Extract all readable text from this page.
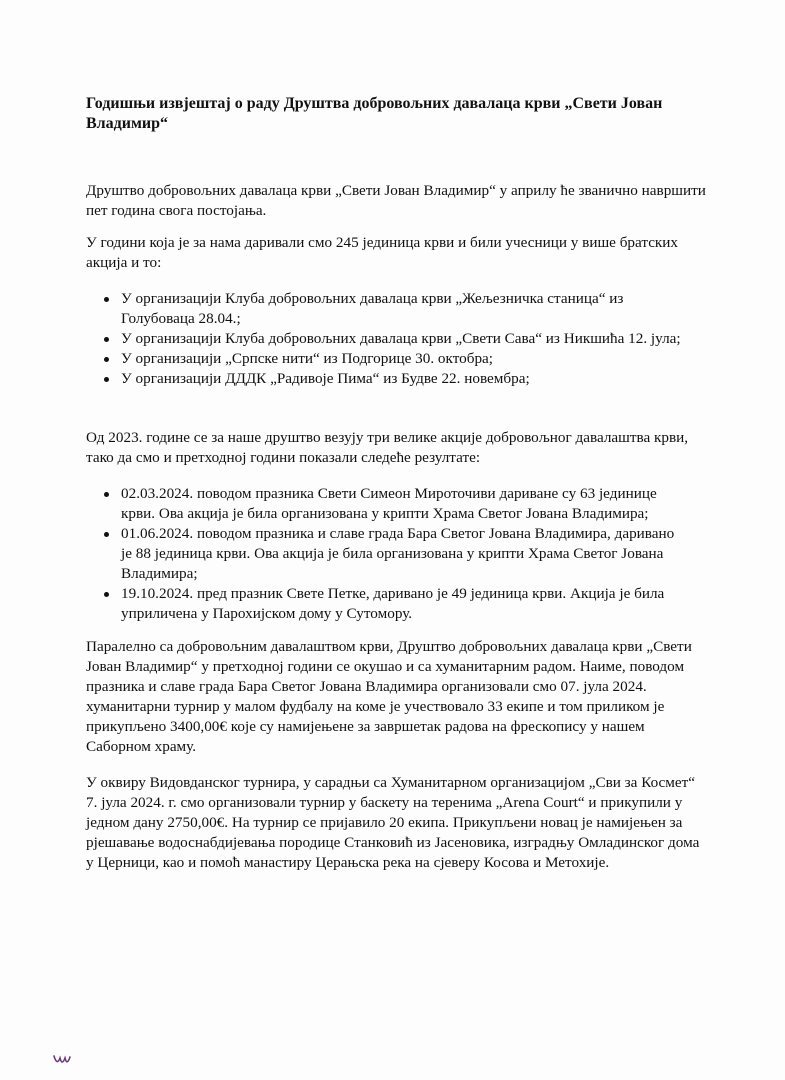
Годишњи извјештај о раду Друштва добровољних давалаца крви „Свети Јован Владимир“
Друштво добровољних давалаца крви „Свети Јован Владимир“ у априлу ће званично навршити пет година свога постојања.
У години која је за нама даривали смо 245 јединица крви и били учесници у више братских акција и то:
У организацији Клуба добровољних давалаца крви „Жељезничка станица“ из Голубоваца 28.04.;
У организацији Клуба добровољних давалаца крви „Свети Сава“ из Никшића 12. јула;
У организацији „Српске нити“ из Подгорице 30. октобра;
У организацији ДДДК „Радивоје Пима“ из Будве 22. новембра;
Од 2023. године се за наше друштво везују три велике акције добровољног давалаштва крви, тако да смо и претходној години показали следеће резултате:
02.03.2024. поводом празника Свети Симеон Мироточиви дариване су 63 јединице крви. Ова акција је била организована у крипти Храма Светог Јована Владимира;
01.06.2024. поводом празника и славе града Бара Светог Јована Владимира, даривано је 88 јединица крви. Ова акција је била организована у крипти Храма Светог Јована Владимира;
19.10.2024. пред празник Свете Петке, даривано је 49 јединица крви. Акција је била уприличена у Парохијском дому у Сутомору.
Паралелно са добровољним давалаштвом крви, Друштво добровољних давалаца крви „Свети Јован Владимир“ у претходној години се окушао и са хуманитарним радом. Наиме, поводом празника и славе града Бара Светог Јована Владимира организовали смо 07. јула 2024. хуманитарни турнир у малом фудбалу на коме је учествовало 33 екипе и том приликом је прикупљено 3400,00€ које су намијењене за завршетак радова на фрескопису у нашем Саборном храму.
У оквиру Видовданског турнира, у сарадњи са Хуманитарном организацијом „Сви за Космет“ 7. јула 2024. г. смо организовали турнир у баскету на теренима „Arena Court“ и прикупили у једном дану 2750,00€. На турнир се пријавило 20 екипа. Прикупљени новац је намијењен за рјешавање водоснабдијевања породице Станковић из Јасеновика, изградњу Омладинског дома у Церници, као и помоћ манастиру Церањска река на сјеверу Косова и Метохије.
